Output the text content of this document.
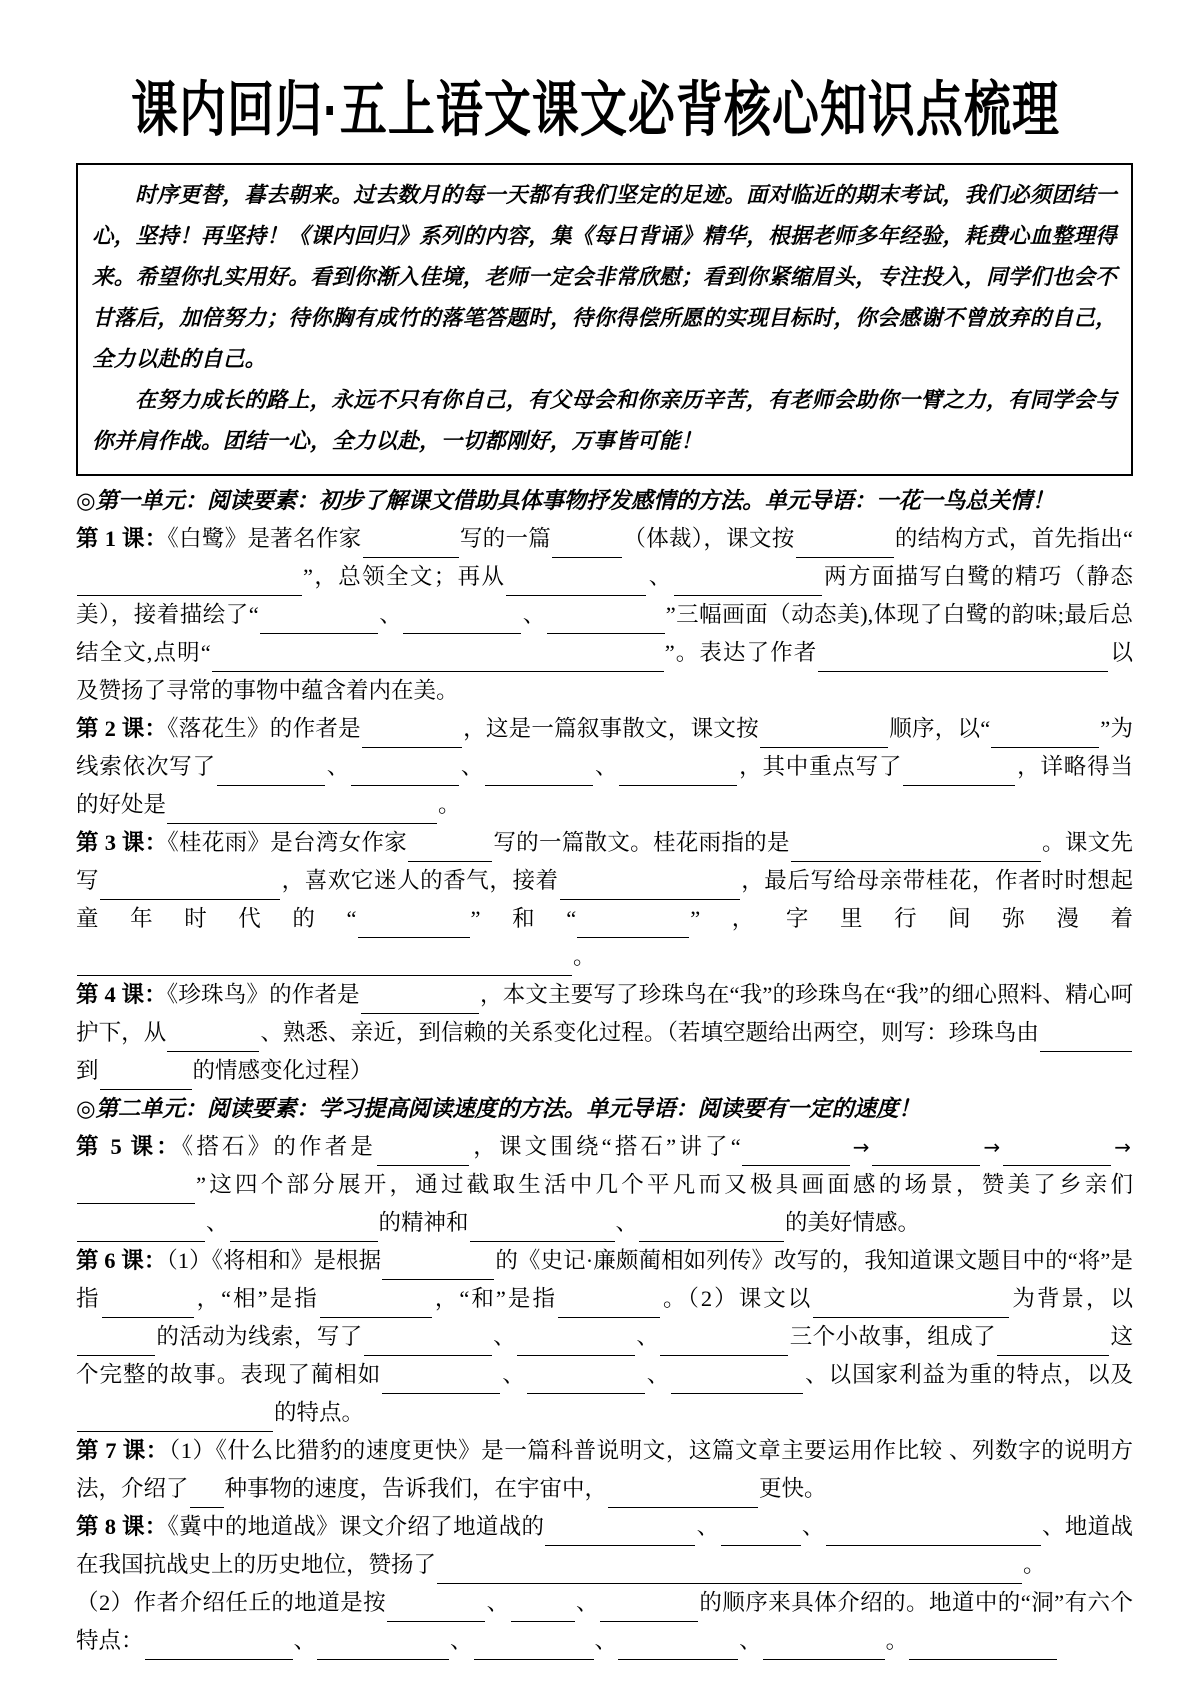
课内回归·五上语文课文必背核心知识点梳理

时序更替，暮去朝来。过去数月的每一天都有我们坚定的足迹。面对临近的期末考试，我们必须团结一心，坚持！再坚持！《课内回归》系列的内容，集《每日背诵》精华，根据老师多年经验，耗费心血整理得来。希望你扎实用好。看到你渐入佳境，老师一定会非常欣慰；看到你紧缩眉头，专注投入，同学们也会不甘落后，加倍努力；待你胸有成竹的落笔答题时，待你得偿所愿的实现目标时，你会感谢不曾放弃的自己，全力以赴的自己。

在努力成长的路上，永远不只有你自己，有父母会和你亲历辛苦，有老师会助你一臂之力，有同学会与你并肩作战。团结一心，全力以赴，一切都刚好，万事皆可能！

◎第一单元：阅读要素：初步了解课文借助具体事物抒发感情的方法。单元导语：一花一鸟总关情！
第 1 课：《白鹭》是著名作家	写的一篇	（体裁），课文按	的结构方式，首先指出“”，总领全文；再从	、	两方面描写白鹭的精巧（静态美），接着描绘了“	、	、	”三幅画面（动态美),体现了白鹭的韵味;最后总结全文,点明“	”。表达了作者	以及赞扬了寻常的事物中蕴含着内在美。
第 2 课：《落花生》的作者是	，这是一篇叙事散文，课文按	顺序，以“	”为线索依次写了	、	、	、	，其中重点写了	，详略得当的好处是	。
第 3 课：《桂花雨》是台湾女作家	写的一篇散文。桂花雨指的是	。课文先写	，喜欢它迷人的香气，接着	，最后写给母亲带桂花，作者时时想起童年时代的“	”和“	”，字里行间弥漫着。
第 4 课：《珍珠鸟》的作者是	，本文主要写了珍珠鸟在“我”的珍珠鸟在“我”的细心照料、精心呵护下，从	、熟悉、亲近，到信赖的关系变化过程。（若填空题给出两空，则写：珍珠鸟由到	的情感变化过程）
◎第二单元：阅读要素：学习提高阅读速度的方法。单元导语：阅读要有一定的速度！
第 5 课：《搭石》的作者是	，课文围绕“搭石”讲了“	→	→	→”这四个部分展开，通过截取生活中几个平凡而又极具画面感的场景，赞美了乡亲们、	的精神和	、	的美好情感。
第 6 课：（1）《将相和》是根据	的《史记·廉颇蔺相如列传》改写的，我知道课文题目中的“将”是指	，“相”是指	，“和”是指	。（2）课文以	为背景，以的活动为线索，写了	、	、	三个小故事，组成了	这个完整的故事。表现了蔺相如	、	、	、以国家利益为重的特点，以及的特点。
第 7 课：（1）《什么比猎豹的速度更快》是一篇科普说明文，这篇文章主要运用作比较 、列数字的说明方法，介绍了 种事物的速度，告诉我们，在宇宙中，	更快。
第 8 课：《冀中的地道战》课文介绍了地道战的	、	、	、地道战在我国抗战史上的历史地位，赞扬了	。
（2）作者介绍任丘的地道是按	、	、	的顺序来具体介绍的。地道中的“洞”有六个特点：	、	、	、	、	。
